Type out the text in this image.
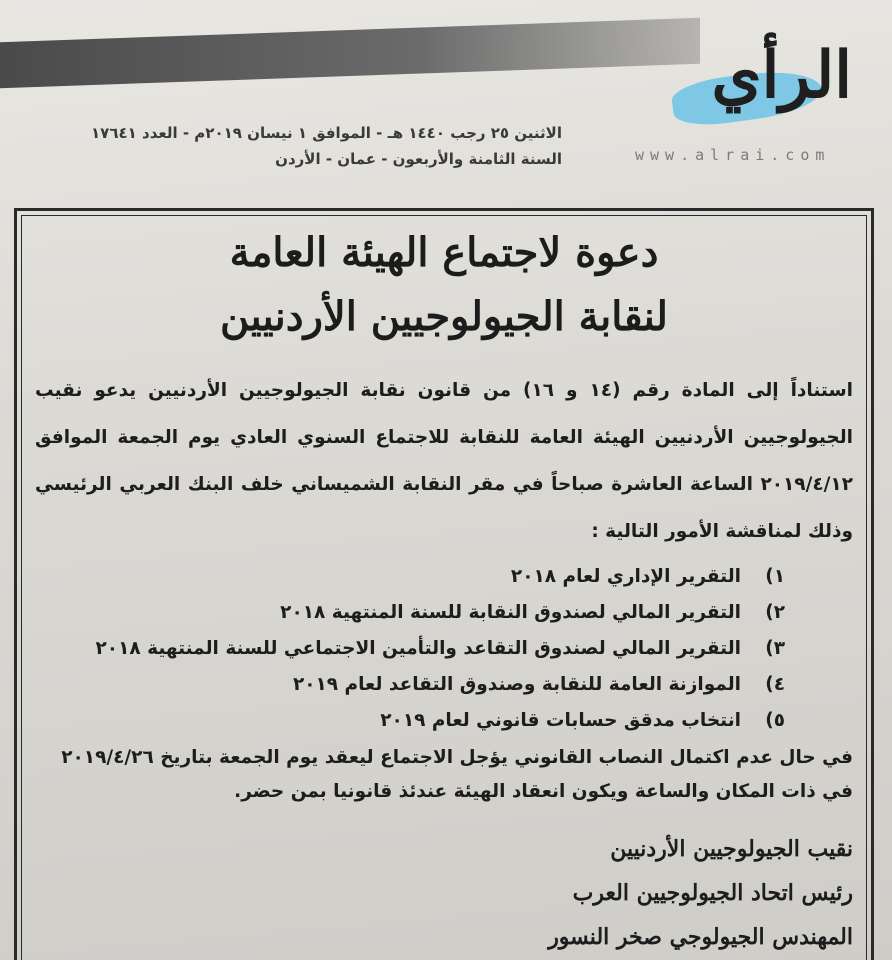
الرأي
www.alrai.com
الاثنين ٢٥ رجب ١٤٤٠ هـ - الموافق ١ نيسان ٢٠١٩م - العدد ١٧٦٤١
السنة الثامنة والأربعون - عمان - الأردن
دعوة لاجتماع الهيئة العامة
لنقابة الجيولوجيين الأردنيين
استناداً إلى المادة رقم (١٤ و ١٦) من قانون نقابة الجيولوجيين الأردنيين يدعو نقيب الجيولوجيين الأردنيين الهيئة العامة للنقابة للاجتماع السنوي العادي يوم الجمعة الموافق ٢٠١٩/٤/١٢ الساعة العاشرة صباحاً في مقر النقابة الشميساني خلف البنك العربي الرئيسي وذلك لمناقشة الأمور التالية :
١)التقرير الإداري لعام ٢٠١٨
٢)التقرير المالي لصندوق النقابة للسنة المنتهية ٢٠١٨
٣)التقرير المالي لصندوق التقاعد والتأمين الاجتماعي للسنة المنتهية ٢٠١٨
٤)الموازنة العامة للنقابة وصندوق التقاعد لعام ٢٠١٩
٥)انتخاب مدقق حسابات قانوني لعام ٢٠١٩
في حال عدم اكتمال النصاب القانوني يؤجل الاجتماع ليعقد يوم الجمعة بتاريخ ٢٠١٩/٤/٢٦ في ذات المكان والساعة ويكون انعقاد الهيئة عندئذ قانونيا بمن حضر.
نقيب الجيولوجيين الأردنيين
رئيس اتحاد الجيولوجيين العرب
المهندس الجيولوجي صخر النسور
